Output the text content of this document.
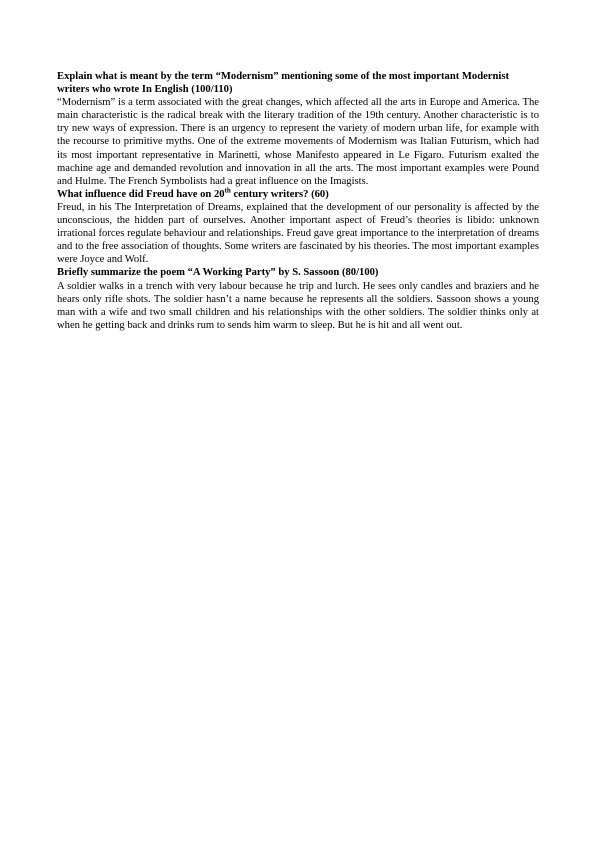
Explain what is meant by the term “Modernism” mentioning some of the most important Modernist writers who wrote In English (100/110)

“Modernism” is a term associated with the great changes, which affected all the arts in Europe and America. The main characteristic is the radical break with the literary tradition of the 19th century. Another characteristic is to try new ways of expression. There is an urgency to represent the variety of modern urban life, for example with the recourse to primitive myths. One of the extreme movements of Modernism was Italian Futurism, which had its most important representative in Marinetti, whose Manifesto appeared in Le Figaro. Futurism exalted the machine age and demanded revolution and innovation in all the arts. The most important examples were Pound and Hulme. The French Symbolists had a great influence on the Imagists.

What influence did Freud have on 20th century writers? (60)

Freud, in his The Interpretation of Dreams, explained that the development of our personality is affected by the unconscious, the hidden part of ourselves. Another important aspect of Freud’s theories is libido: unknown irrational forces regulate behaviour and relationships. Freud gave great importance to the interpretation of dreams and to the free association of thoughts. Some writers are fascinated by his theories. The most important examples were Joyce and Wolf.

Briefly summarize the poem “A Working Party” by S. Sassoon (80/100)

A soldier walks in a trench with very labour because he trip and lurch. He sees only candles and braziers and he hears only rifle shots. The soldier hasn’t a name because he represents all the soldiers. Sassoon shows a young man with a wife and two small children and his relationships with the other soldiers. The soldier thinks only at when he getting back and drinks rum to sends him warm to sleep. But he is hit and all went out.
